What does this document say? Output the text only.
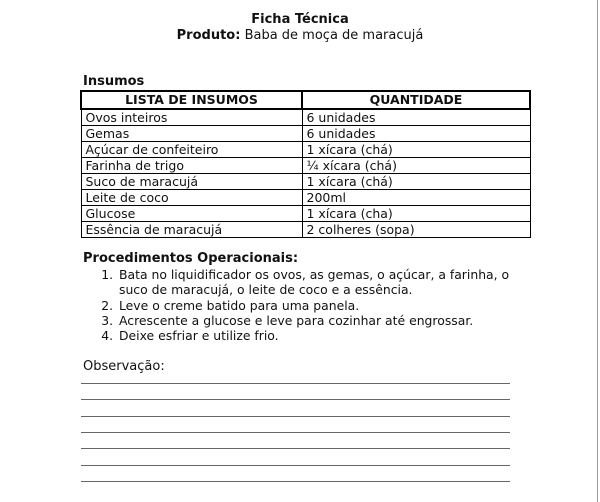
Ficha Técnica
Produto: Baba de moça de maracujá
Insumos
LISTA DE INSUMOS	QUANTIDADE
Ovos inteiros	6 unidades
Gemas	6 unidades
Açúcar de confeiteiro	1 xícara (chá)
Farinha de trigo	¼ xícara (chá)
Suco de maracujá	1 xícara (chá)
Leite de coco	200ml
Glucose	1 xícara (cha)
Essência de maracujá	2 colheres (sopa)
Procedimentos Operacionais:
1. Bata no liquidificador os ovos, as gemas, o açúcar, a farinha, o suco de maracujá, o leite de coco e a essência.
2. Leve o creme batido para uma panela.
3. Acrescente a glucose e leve para cozinhar até engrossar.
4. Deixe esfriar e utilize frio.
Observação:
